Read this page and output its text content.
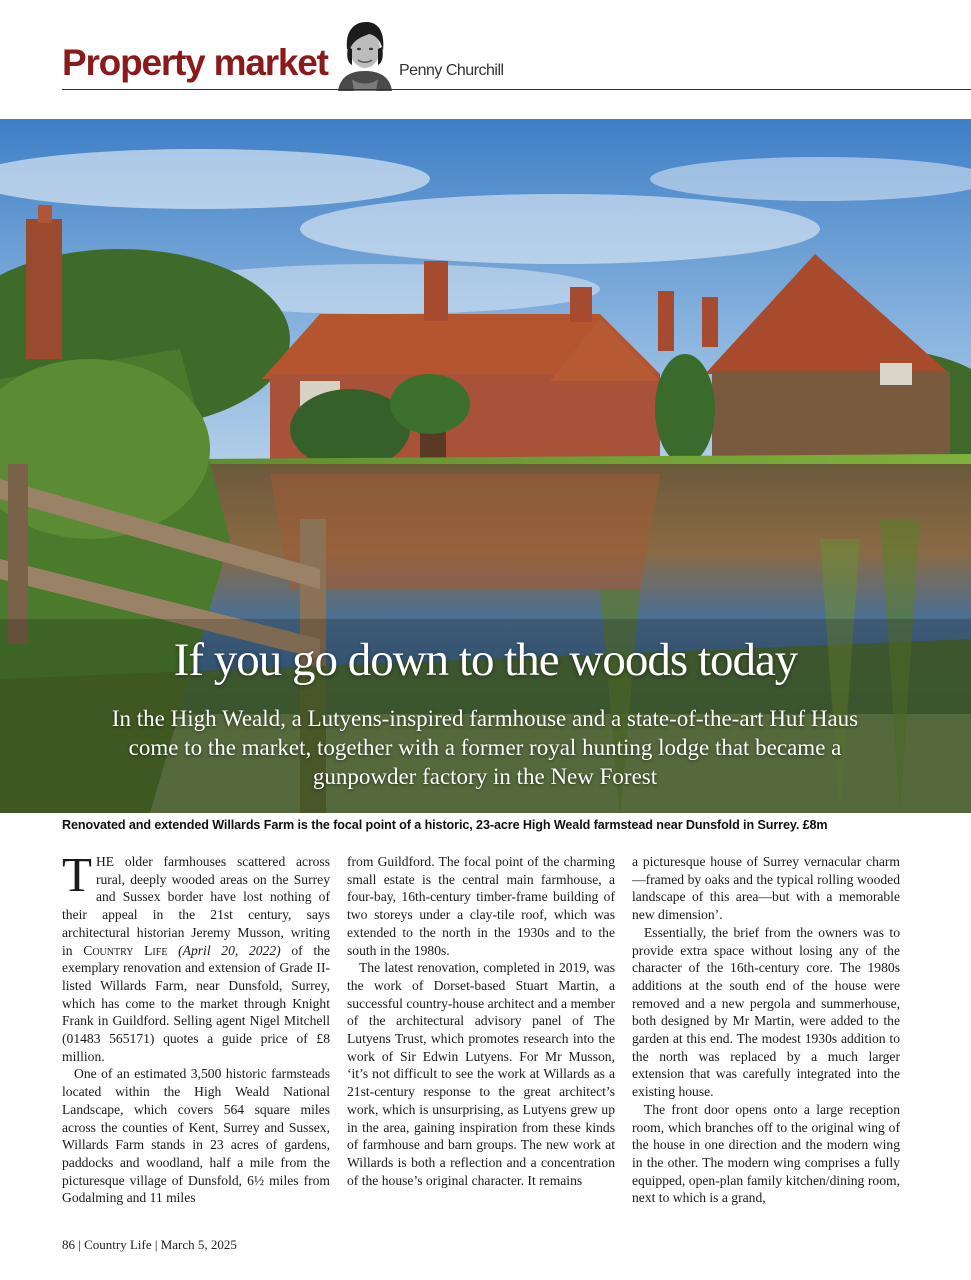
Property market	Penny Churchill
If you go down to the woods today
In the High Weald, a Lutyens-inspired farmhouse and a state-of-the-art Huf Haus come to the market, together with a former royal hunting lodge that became a gunpowder factory in the New Forest
Renovated and extended Willards Farm is the focal point of a historic, 23-acre High Weald farmstead near Dunsfold in Surrey. £8m

THE older farmhouses scattered across rural, deeply wooded areas on the Surrey and Sussex border have lost nothing of their appeal in the 21st century, says architectural historian Jeremy Musson, writing in Country Life (April 20, 2022) of the exemplary renovation and extension of Grade II-listed Willards Farm, near Dunsfold, Surrey, which has come to the market through Knight Frank in Guildford. Selling agent Nigel Mitchell (01483 565171) quotes a guide price of £8 million.

One of an estimated 3,500 historic farmsteads located within the High Weald National Landscape, which covers 564 square miles across the counties of Kent, Surrey and Sussex, Willards Farm stands in 23 acres of gardens, paddocks and woodland, half a mile from the picturesque village of Dunsfold, 6½ miles from Godalming and 11 miles

from Guildford. The focal point of the charming small estate is the central main farmhouse, a four-bay, 16th-century timber-frame building of two storeys under a clay-tile roof, which was extended to the north in the 1930s and to the south in the 1980s.

The latest renovation, completed in 2019, was the work of Dorset-based Stuart Martin, a successful country-house architect and a member of the architectural advisory panel of The Lutyens Trust, which promotes research into the work of Sir Edwin Lutyens. For Mr Musson, ‘it’s not difficult to see the work at Willards as a 21st-century response to the great architect’s work, which is unsurprising, as Lutyens grew up in the area, gaining inspiration from these kinds of farmhouse and barn groups. The new work at Willards is both a reflection and a concentration of the house’s original character. It remains

a picturesque house of Surrey vernacular charm—framed by oaks and the typical rolling wooded landscape of this area—but with a memorable new dimension’.

Essentially, the brief from the owners was to provide extra space without losing any of the character of the 16th-century core. The 1980s additions at the south end of the house were removed and a new pergola and summerhouse, both designed by Mr Martin, were added to the garden at this end. The modest 1930s addition to the north was replaced by a much larger extension that was carefully integrated into the existing house.

The front door opens onto a large reception room, which branches off to the original wing of the house in one direction and the modern wing in the other. The modern wing comprises a fully equipped, open-plan family kitchen/dining room, next to which is a grand,

86 | Country Life | March 5, 2025
